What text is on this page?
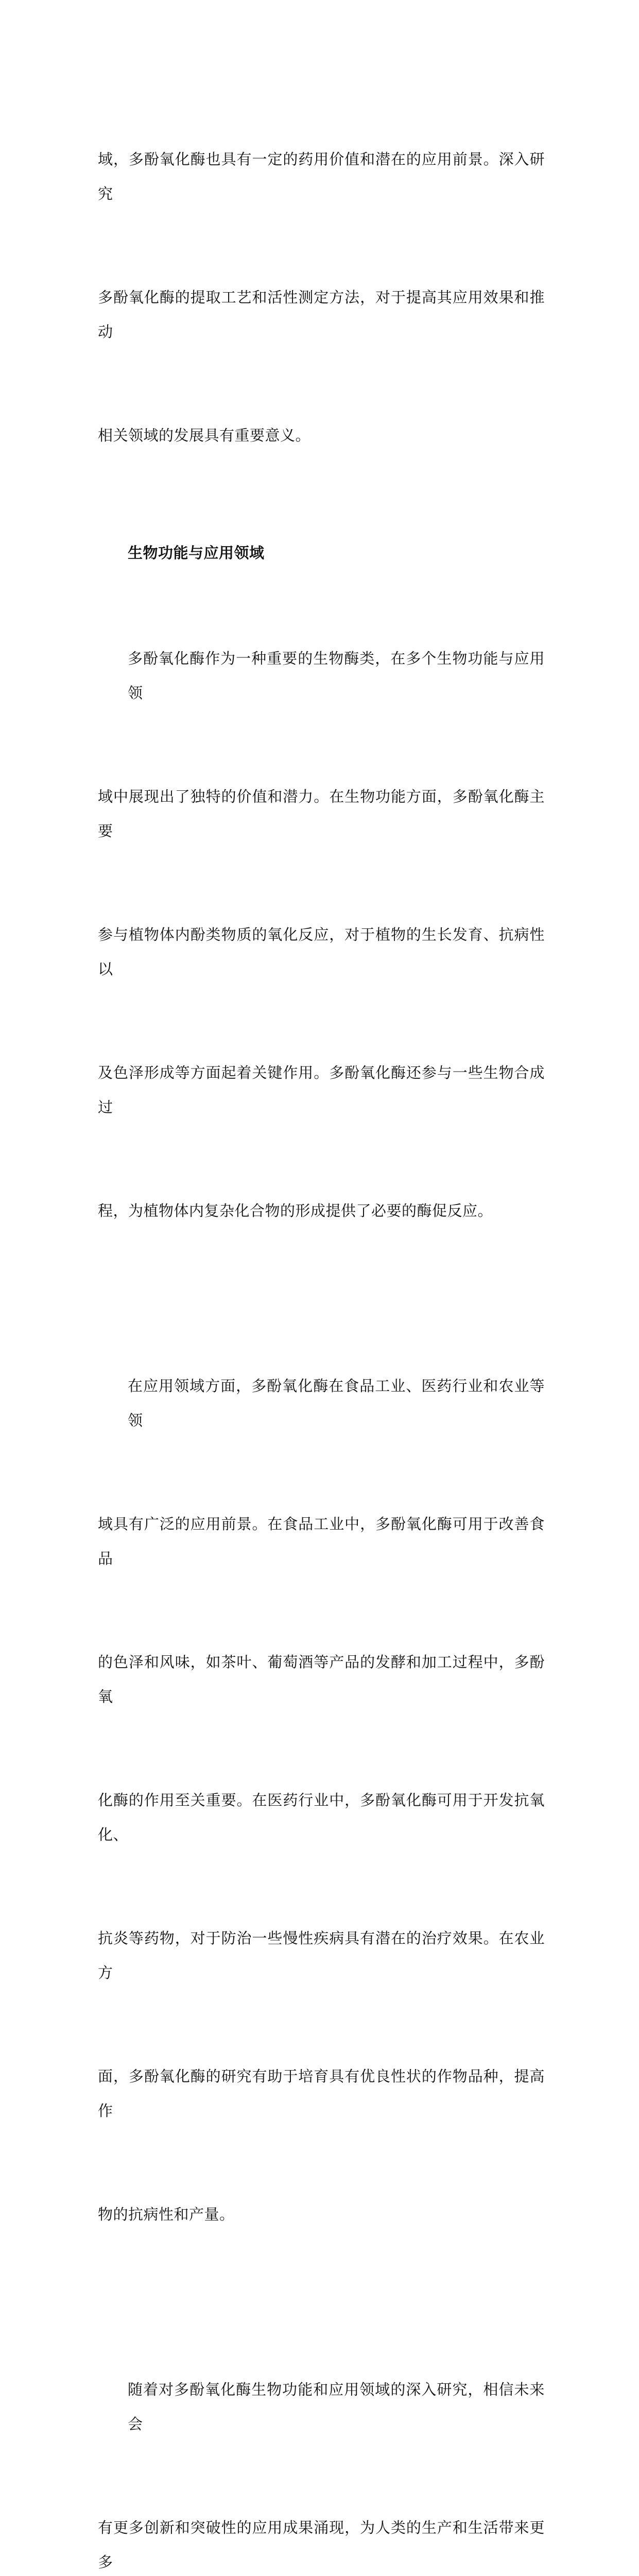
域，多酚氧化酶也具有一定的药用价值和潜在的应用前景。深入研究

多酚氧化酶的提取工艺和活性测定方法，对于提高其应用效果和推动

相关领域的发展具有重要意义。

生物功能与应用领域

多酚氧化酶作为一种重要的生物酶类，在多个生物功能与应用领

域中展现出了独特的价值和潜力。在生物功能方面，多酚氧化酶主要

参与植物体内酚类物质的氧化反应，对于植物的生长发育、抗病性以

及色泽形成等方面起着关键作用。多酚氧化酶还参与一些生物合成过

程，为植物体内复杂化合物的形成提供了必要的酶促反应。

在应用领域方面，多酚氧化酶在食品工业、医药行业和农业等领

域具有广泛的应用前景。在食品工业中，多酚氧化酶可用于改善食品

的色泽和风味，如茶叶、葡萄酒等产品的发酵和加工过程中，多酚氧

化酶的作用至关重要。在医药行业中，多酚氧化酶可用于开发抗氧化、

抗炎等药物，对于防治一些慢性疾病具有潜在的治疗效果。在农业方

面，多酚氧化酶的研究有助于培育具有优良性状的作物品种，提高作

物的抗病性和产量。

随着对多酚氧化酶生物功能和应用领域的深入研究，相信未来会

有更多创新和突破性的应用成果涌现，为人类的生产和生活带来更多
